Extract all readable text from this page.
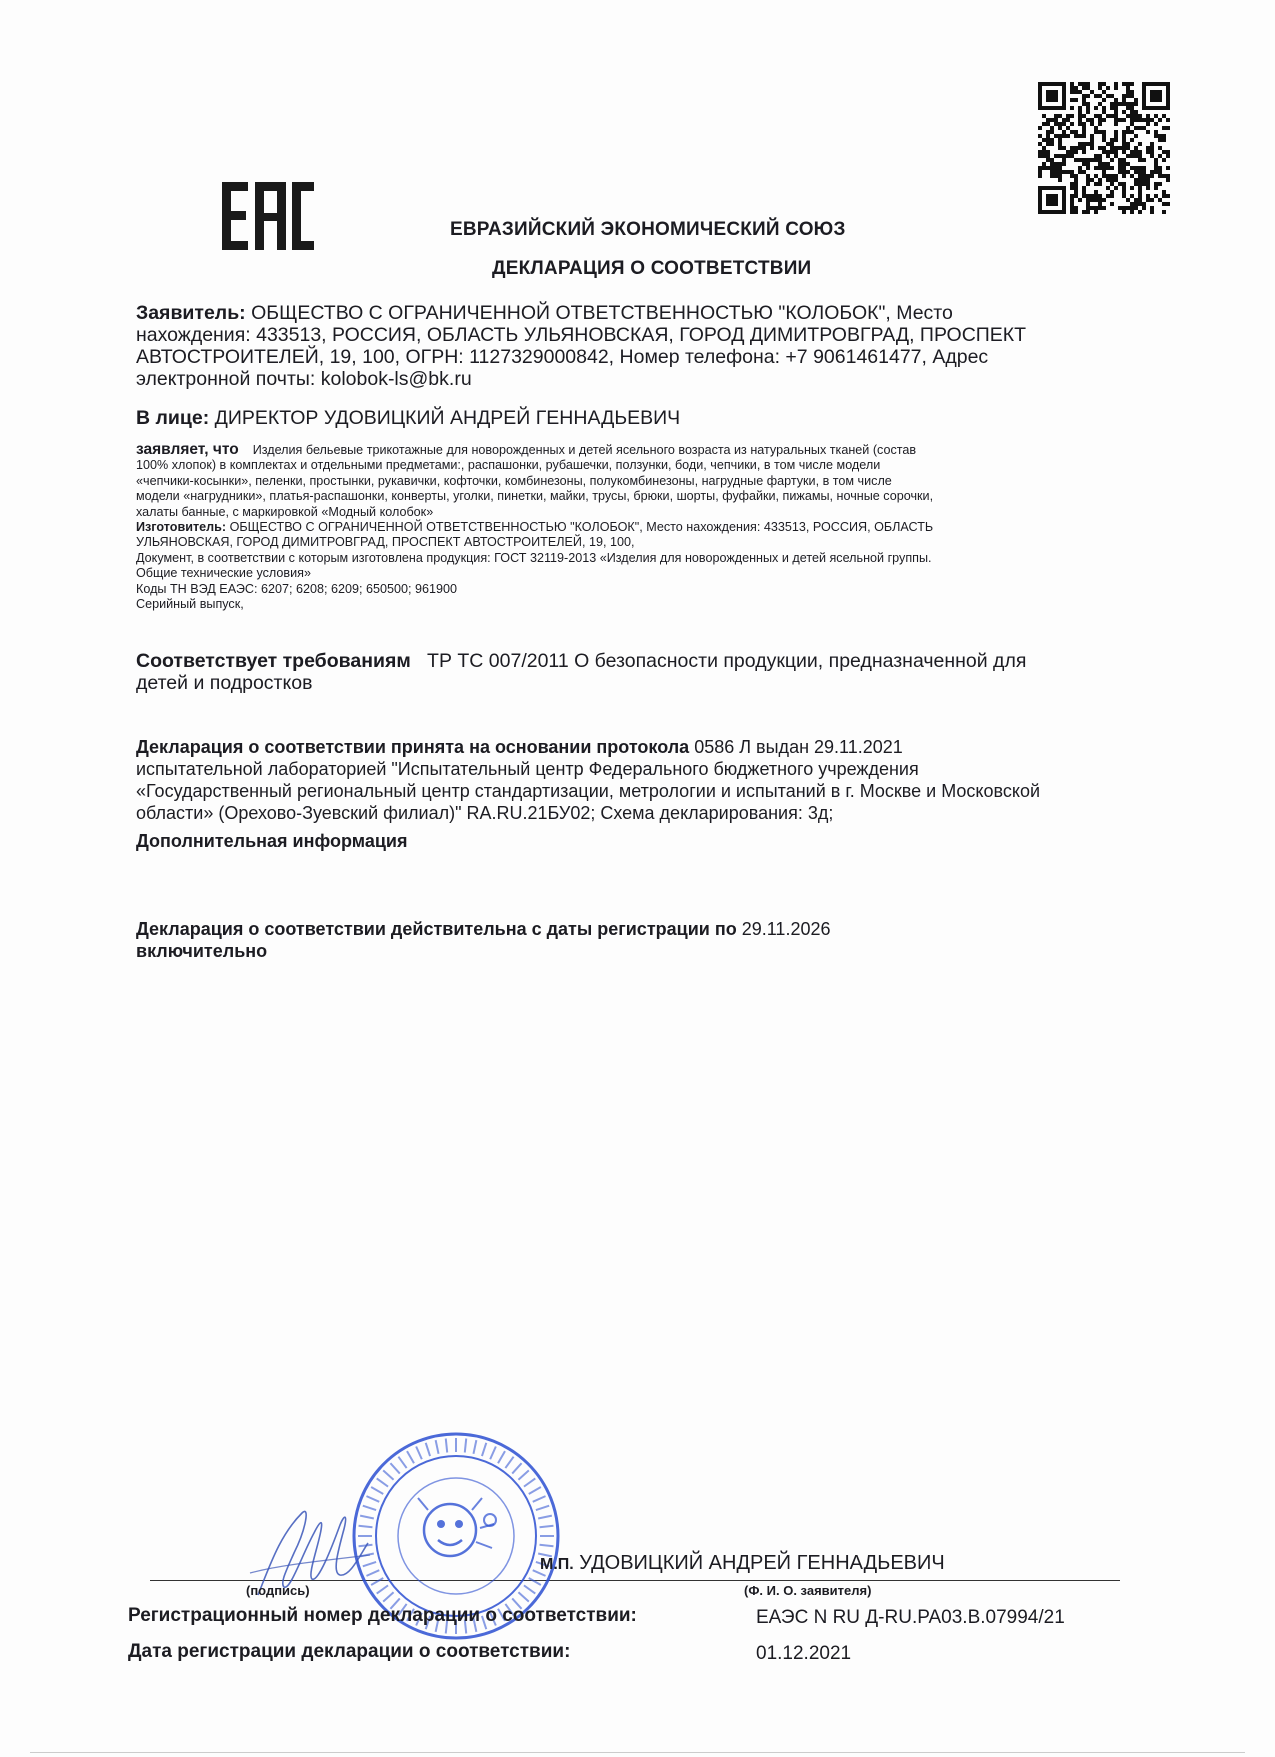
ЕВРАЗИЙСКИЙ ЭКОНОМИЧЕСКИЙ СОЮЗ
ДЕКЛАРАЦИЯ О СООТВЕТСТВИИ
Заявитель: ОБЩЕСТВО С ОГРАНИЧЕННОЙ ОТВЕТСТВЕННОСТЬЮ "КОЛОБОК", Место
нахождения: 433513, РОССИЯ, ОБЛАСТЬ УЛЬЯНОВСКАЯ, ГОРОД ДИМИТРОВГРАД, ПРОСПЕКТ
АВТОСТРОИТЕЛЕЙ, 19, 100, ОГРН: 1127329000842, Номер телефона: +7 9061461477, Адрес
электронной почты: kolobok-ls@bk.ru
В лице: ДИРЕКТОР УДОВИЦКИЙ АНДРЕЙ ГЕННАДЬЕВИЧ
заявляет, что Изделия бельевые трикотажные для новорожденных и детей ясельного возраста из натуральных тканей (состав
100% хлопок) в комплектах и отдельными предметами:, распашонки, рубашечки, ползунки, боди, чепчики, в том числе модели
«чепчики-косынки», пеленки, простынки, рукавички, кофточки, комбинезоны, полукомбинезоны, нагрудные фартуки, в том числе
модели «нагрудники», платья-распашонки, конверты, уголки, пинетки, майки, трусы, брюки, шорты, фуфайки, пижамы, ночные сорочки,
халаты банные, с маркировкой «Модный колобок»
Изготовитель: ОБЩЕСТВО С ОГРАНИЧЕННОЙ ОТВЕТСТВЕННОСТЬЮ "КОЛОБОК", Место нахождения: 433513, РОССИЯ, ОБЛАСТЬ
УЛЬЯНОВСКАЯ, ГОРОД ДИМИТРОВГРАД, ПРОСПЕКТ АВТОСТРОИТЕЛЕЙ, 19, 100,
Документ, в соответствии с которым изготовлена продукция: ГОСТ 32119-2013 «Изделия для новорожденных и детей ясельной группы.
Общие технические условия»
Коды ТН ВЭД ЕАЭС: 6207; 6208; 6209; 650500; 961900
Серийный выпуск,
Соответствует требованиям ТР ТС 007/2011 О безопасности продукции, предназначенной для
детей и подростков
Декларация о соответствии принята на основании протокола 0586 Л выдан 29.11.2021
испытательной лабораторией "Испытательный центр Федерального бюджетного учреждения
«Государственный региональный центр стандартизации, метрологии и испытаний в г. Москве и Московской
области» (Орехово-Зуевский филиал)" RA.RU.21БУ02; Схема декларирования: 3д;
Дополнительная информация
Декларация о соответствии действительна с даты регистрации по 29.11.2026
включительно
М.П. УДОВИЦКИЙ АНДРЕЙ ГЕННАДЬЕВИЧ
(подпись)	(Ф. И. О. заявителя)
Регистрационный номер декларации о соответствии:	ЕАЭС N RU Д-RU.PA03.B.07994/21
Дата регистрации декларации о соответствии:	01.12.2021
